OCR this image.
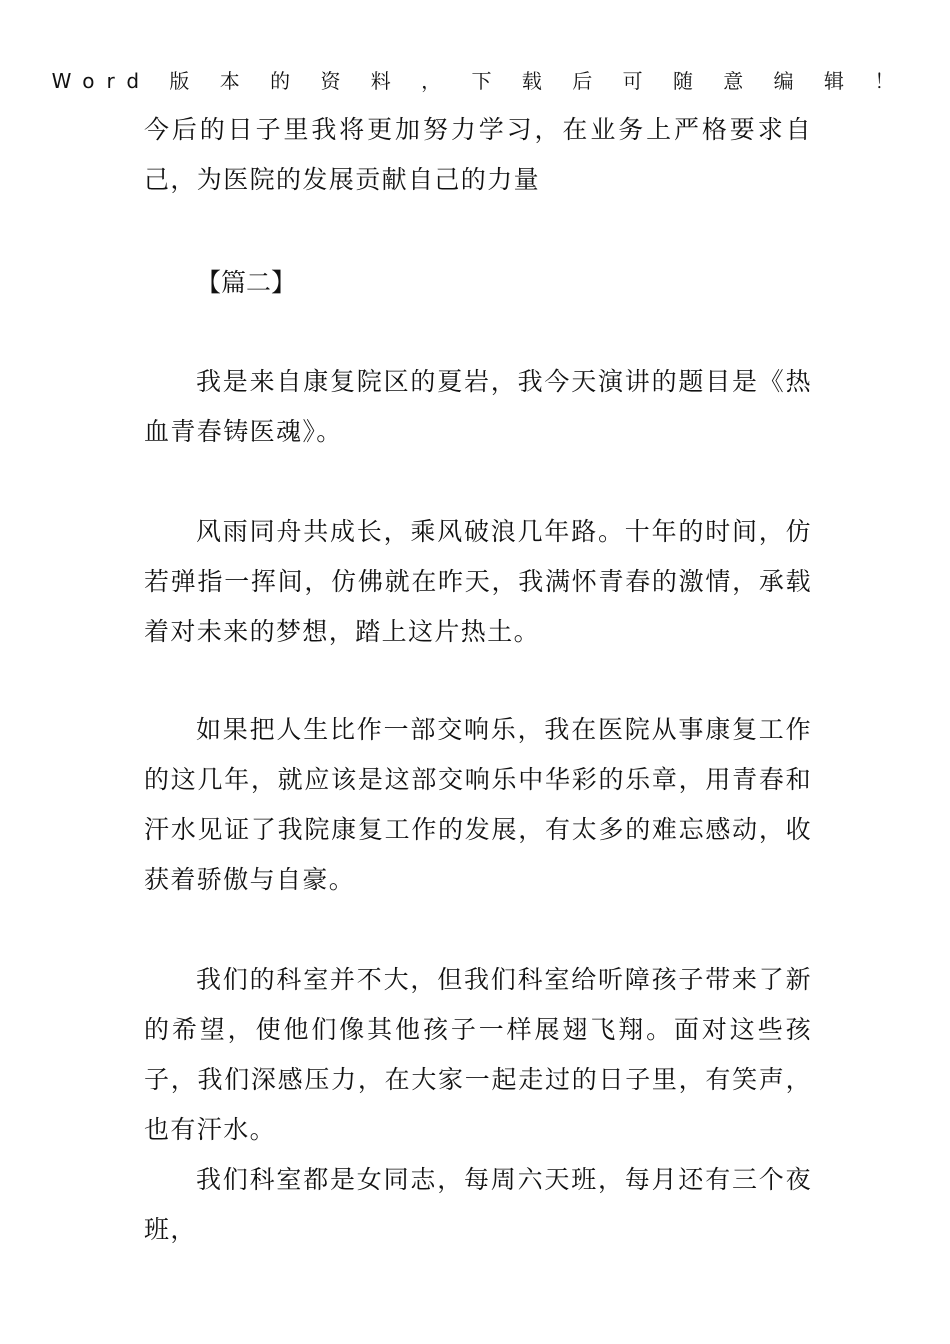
Word 版 本 的 资 料 ， 下 载 后 可 随 意 编 辑 ！

今后的日子里我将更加努力学习，在业务上严格要求自己，为医院的发展贡献自己的力量

【篇二】

我是来自康复院区的夏岩，我今天演讲的题目是《热血青春铸医魂》。

风雨同舟共成长，乘风破浪几年路。十年的时间，仿若弹指一挥间，仿佛就在昨天，我满怀青春的激情，承载着对未来的梦想，踏上这片热土。

如果把人生比作一部交响乐，我在医院从事康复工作的这几年，就应该是这部交响乐中华彩的乐章，用青春和汗水见证了我院康复工作的发展，有太多的难忘感动，收获着骄傲与自豪。

我们的科室并不大，但我们科室给听障孩子带来了新的希望，使他们像其他孩子一样展翅飞翔。面对这些孩子，我们深感压力，在大家一起走过的日子里，有笑声，也有汗水。

我们科室都是女同志，每周六天班，每月还有三个夜班，
